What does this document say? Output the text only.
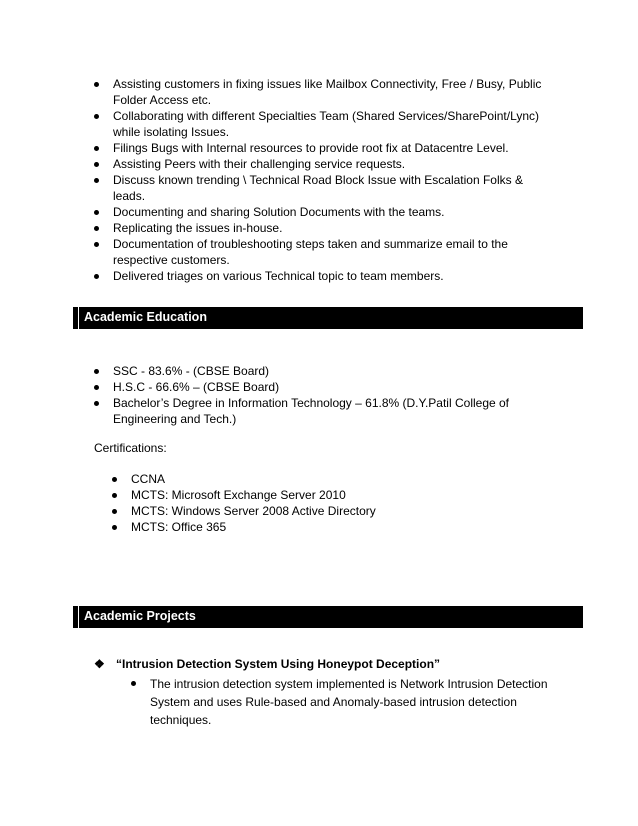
Assisting customers in fixing issues like Mailbox Connectivity, Free / Busy, Public Folder Access etc.
Collaborating with different Specialties Team (Shared Services/SharePoint/Lync) while isolating Issues.
Filings Bugs with Internal resources to provide root fix at Datacentre Level.
Assisting Peers with their challenging service requests.
Discuss known trending \ Technical Road Block Issue with Escalation Folks & leads.
Documenting and sharing Solution Documents with the teams.
Replicating the issues in-house.
Documentation of troubleshooting steps taken and summarize email to the respective customers.
Delivered triages on various Technical topic to team members.
Academic Education
SSC - 83.6% - (CBSE Board)
H.S.C - 66.6% – (CBSE Board)
Bachelor’s Degree in Information Technology – 61.8% (D.Y.Patil College of Engineering and Tech.)
Certifications:
CCNA
MCTS: Microsoft Exchange Server 2010
MCTS: Windows Server 2008 Active Directory
MCTS: Office 365
Academic Projects
❖ “Intrusion Detection System Using Honeypot Deception”
The intrusion detection system implemented is Network Intrusion Detection System and uses Rule-based and Anomaly-based intrusion detection techniques.
